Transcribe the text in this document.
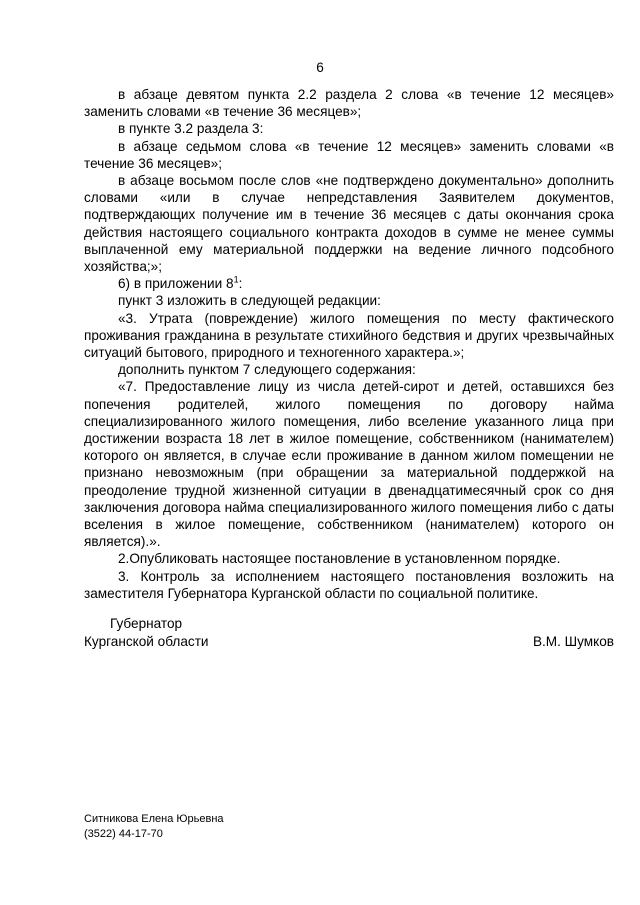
6

в абзаце девятом пункта 2.2 раздела 2 слова «в течение 12 месяцев» заменить словами «в течение 36 месяцев»;

в пункте 3.2 раздела 3:

в абзаце седьмом слова «в течение 12 месяцев» заменить словами «в течение 36 месяцев»;

в абзаце восьмом после слов «не подтверждено документально» дополнить словами «или в случае непредставления Заявителем документов, подтверждающих получение им в течение 36 месяцев с даты окончания срока действия настоящего социального контракта доходов в сумме не менее суммы выплаченной ему материальной поддержки на ведение личного подсобного хозяйства;»;

6) в приложении $8^1$:

пункт 3 изложить в следующей редакции:

«3. Утрата (повреждение) жилого помещения по месту фактического проживания гражданина в результате стихийного бедствия и других чрезвычайных ситуаций бытового, природного и техногенного характера.»;

дополнить пунктом 7 следующего содержания:

«7. Предоставление лицу из числа детей-сирот и детей, оставшихся без попечения родителей, жилого помещения по договору найма специализированного жилого помещения, либо вселение указанного лица при достижении возраста 18 лет в жилое помещение, собственником (нанимателем) которого он является, в случае если проживание в данном жилом помещении не признано невозможным (при обращении за материальной поддержкой на преодоление трудной жизненной ситуации в двенадцатимесячный срок со дня заключения договора найма специализированного жилого помещения либо с даты вселения в жилое помещение, собственником (нанимателем) которого он является).».

2.Опубликовать настоящее постановление в установленном порядке.

3. Контроль за исполнением настоящего постановления возложить на заместителя Губернатора Курганской области по социальной политике.

Губернатор
Курганской области	В.М. Шумков
Ситникова Елена Юрьевна
(3522) 44-17-70
